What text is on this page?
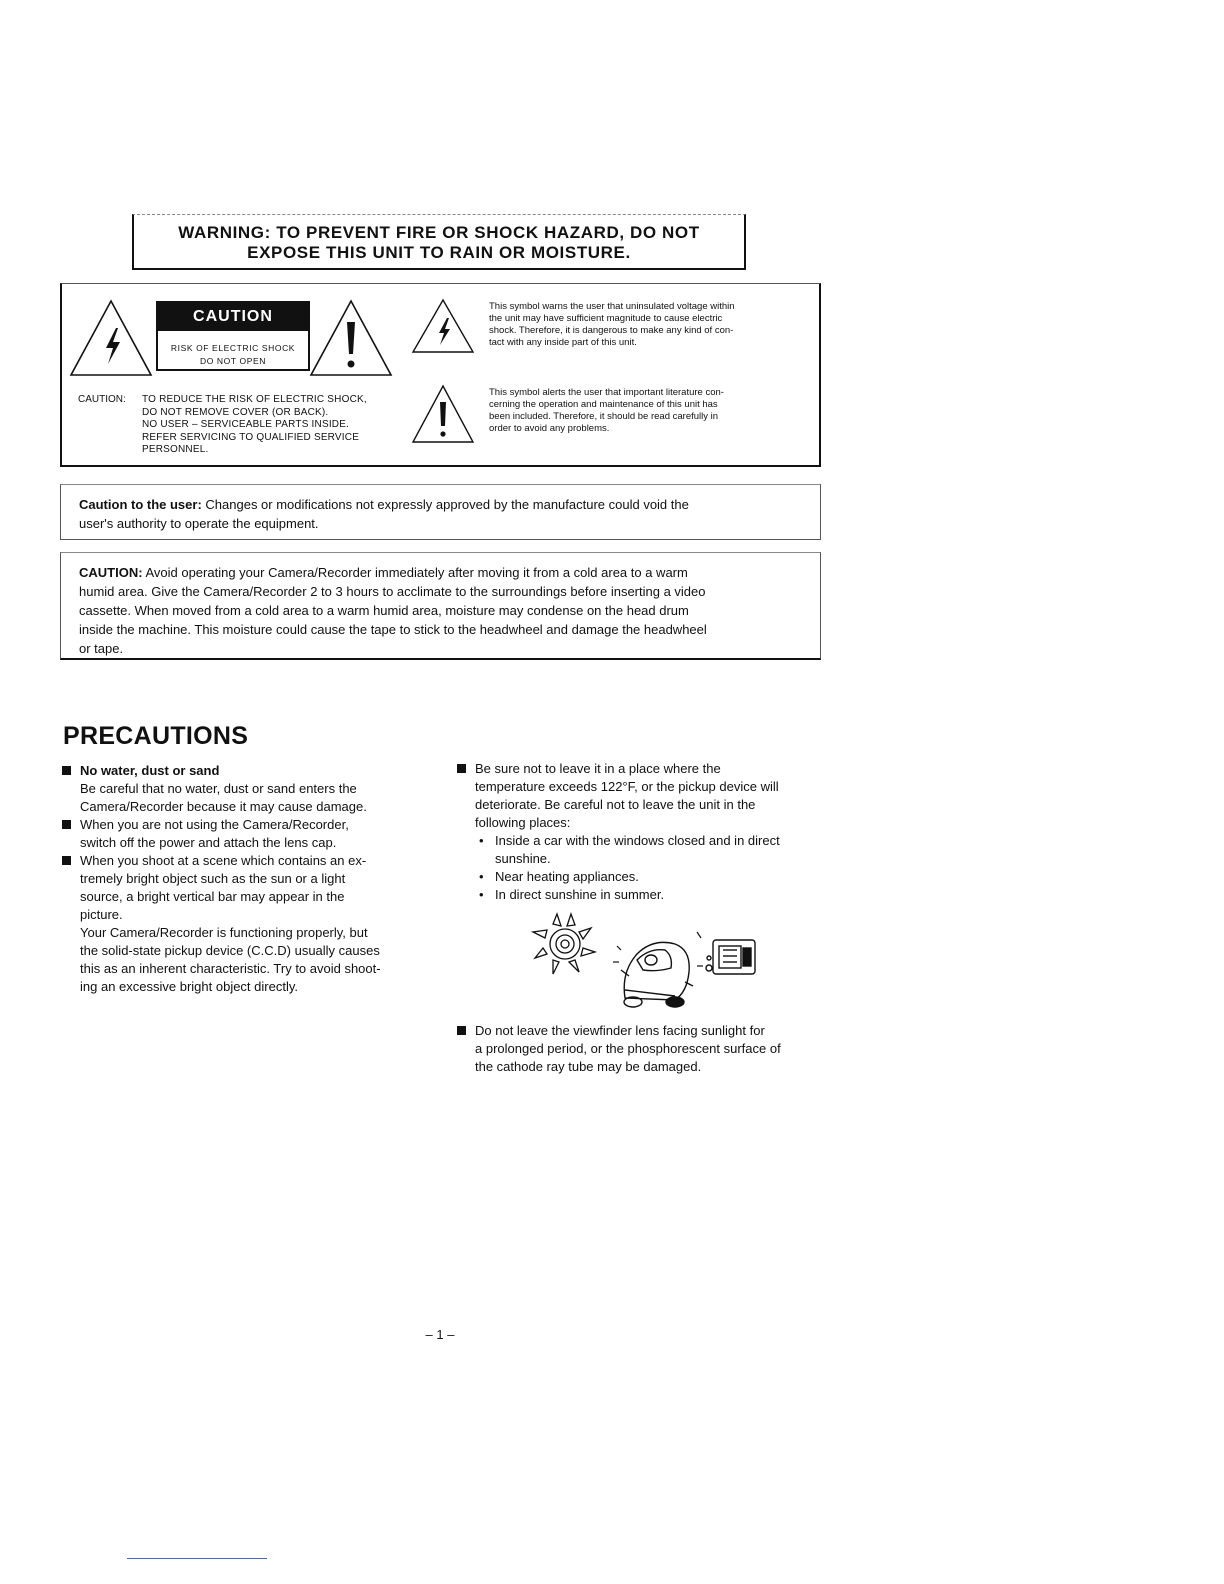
WARNING: TO PREVENT FIRE OR SHOCK HAZARD, DO NOT
EXPOSE THIS UNIT TO RAIN OR MOISTURE.
CAUTION
RISK OF ELECTRIC SHOCK
DO NOT OPEN
This symbol warns the user that uninsulated voltage within
the unit may have sufficient magnitude to cause electric
shock. Therefore, it is dangerous to make any kind of con-
tact with any inside part of this unit.
CAUTION: TO REDUCE THE RISK OF ELECTRIC SHOCK,
DO NOT REMOVE COVER (OR BACK).
NO USER – SERVICEABLE PARTS INSIDE.
REFER SERVICING TO QUALIFIED SERVICE
PERSONNEL.
This symbol alerts the user that important literature con-
cerning the operation and maintenance of this unit has
been included. Therefore, it should be read carefully in
order to avoid any problems.
Caution to the user: Changes or modifications not expressly approved by the manufacture could void the
user's authority to operate the equipment.
CAUTION: Avoid operating your Camera/Recorder immediately after moving it from a cold area to a warm
humid area. Give the Camera/Recorder 2 to 3 hours to acclimate to the surroundings before inserting a video
cassette. When moved from a cold area to a warm humid area, moisture may condense on the head drum
inside the machine. This moisture could cause the tape to stick to the headwheel and damage the headwheel
or tape.
PRECAUTIONS
No water, dust or sand
Be careful that no water, dust or sand enters the
Camera/Recorder because it may cause damage.
When you are not using the Camera/Recorder,
switch off the power and attach the lens cap.
When you shoot at a scene which contains an ex-
tremely bright object such as the sun or a light
source, a bright vertical bar may appear in the
picture.
Your Camera/Recorder is functioning properly, but
the solid-state pickup device (C.C.D) usually causes
this as an inherent characteristic. Try to avoid shoot-
ing an excessive bright object directly.
Be sure not to leave it in a place where the
temperature exceeds 122°F, or the pickup device will
deteriorate. Be careful not to leave the unit in the
following places:
• Inside a car with the windows closed and in direct sunshine.
• Near heating appliances.
• In direct sunshine in summer.
Do not leave the viewfinder lens facing sunlight for
a prolonged period, or the phosphorescent surface of
the cathode ray tube may be damaged.
– 1 –
